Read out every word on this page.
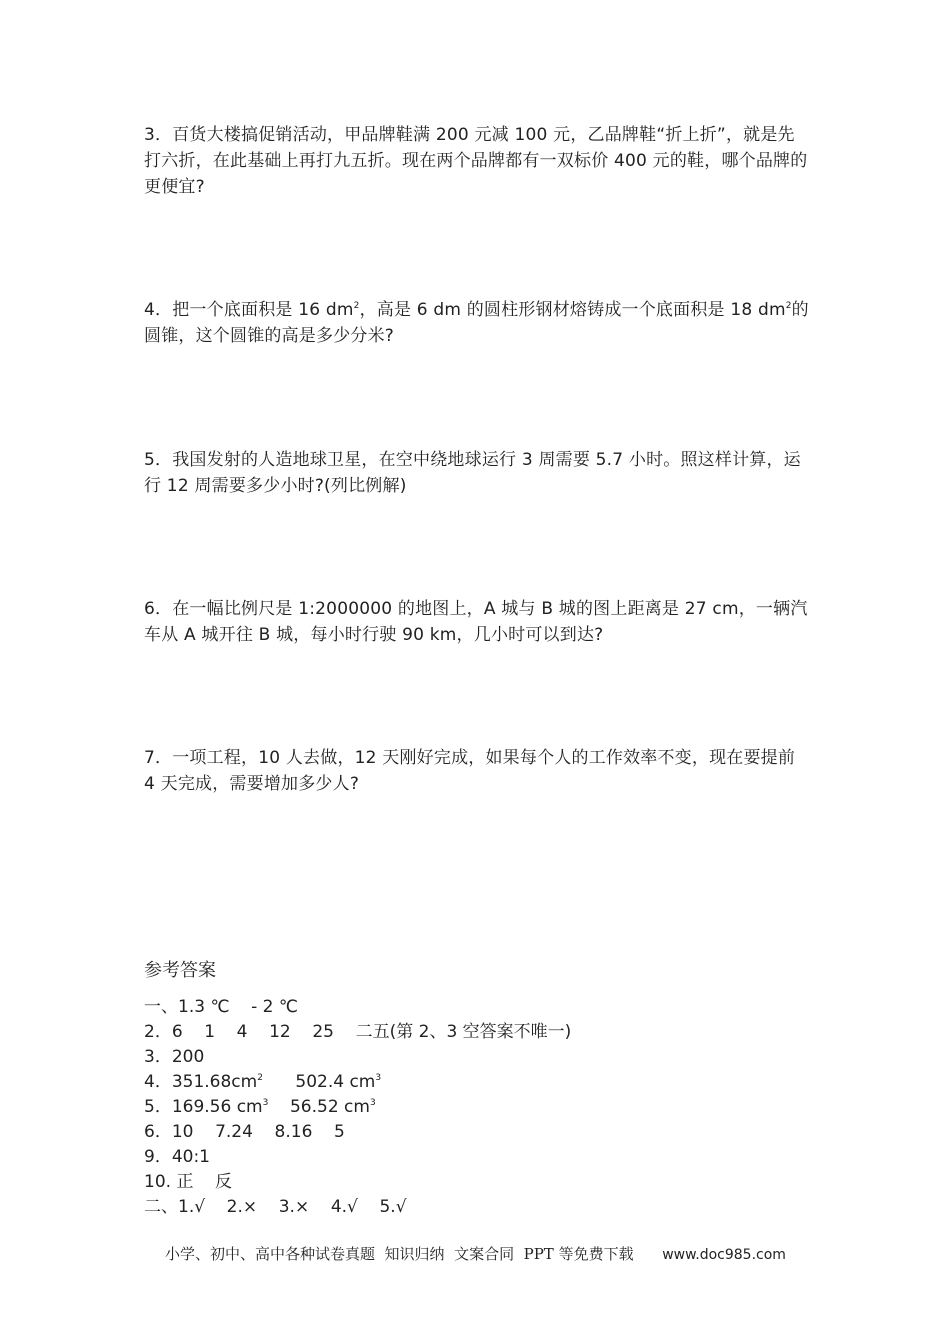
3．百货大楼搞促销活动，甲品牌鞋满 200 元减 100 元，乙品牌鞋“折上折”，就是先打六折，在此基础上再打九五折。现在两个品牌都有一双标价 400 元的鞋，哪个品牌的更便宜?
4．把一个底面积是 16 $dm^2$，高是 6 dm 的圆柱形钢材熔铸成一个底面积是 18 $dm^2$的圆锥，这个圆锥的高是多少分米?
5．我国发射的人造地球卫星，在空中绕地球运行 3 周需要 5.7 小时。照这样计算，运行 12 周需要多少小时?(列比例解)
6．在一幅比例尺是 1:2000000 的地图上，A 城与 B 城的图上距离是 27 cm，一辆汽车从 A 城开往 B 城，每小时行驶 90 km，几小时可以到达?
7．一项工程，10 人去做，12 天刚好完成，如果每个人的工作效率不变，现在要提前 4 天完成，需要增加多少人?
参考答案
一、1.3 ℃    - 2 ℃
2．6    1    4    12    25    二五(第 2、3 空答案不唯一)
3．200
4．$351.68cm^2$      502.4 $cm^3$
5．169.56 $cm^3$    56.52 $cm^3$
6．10    7.24    8.16    5
9．40:1
10. 正    反
二、1.√    2.×    3.×    4.√    5.√
小学、初中、高中各种试卷真题  知识归纳  文案合同  PPT 等免费下载 www.doc985.com
